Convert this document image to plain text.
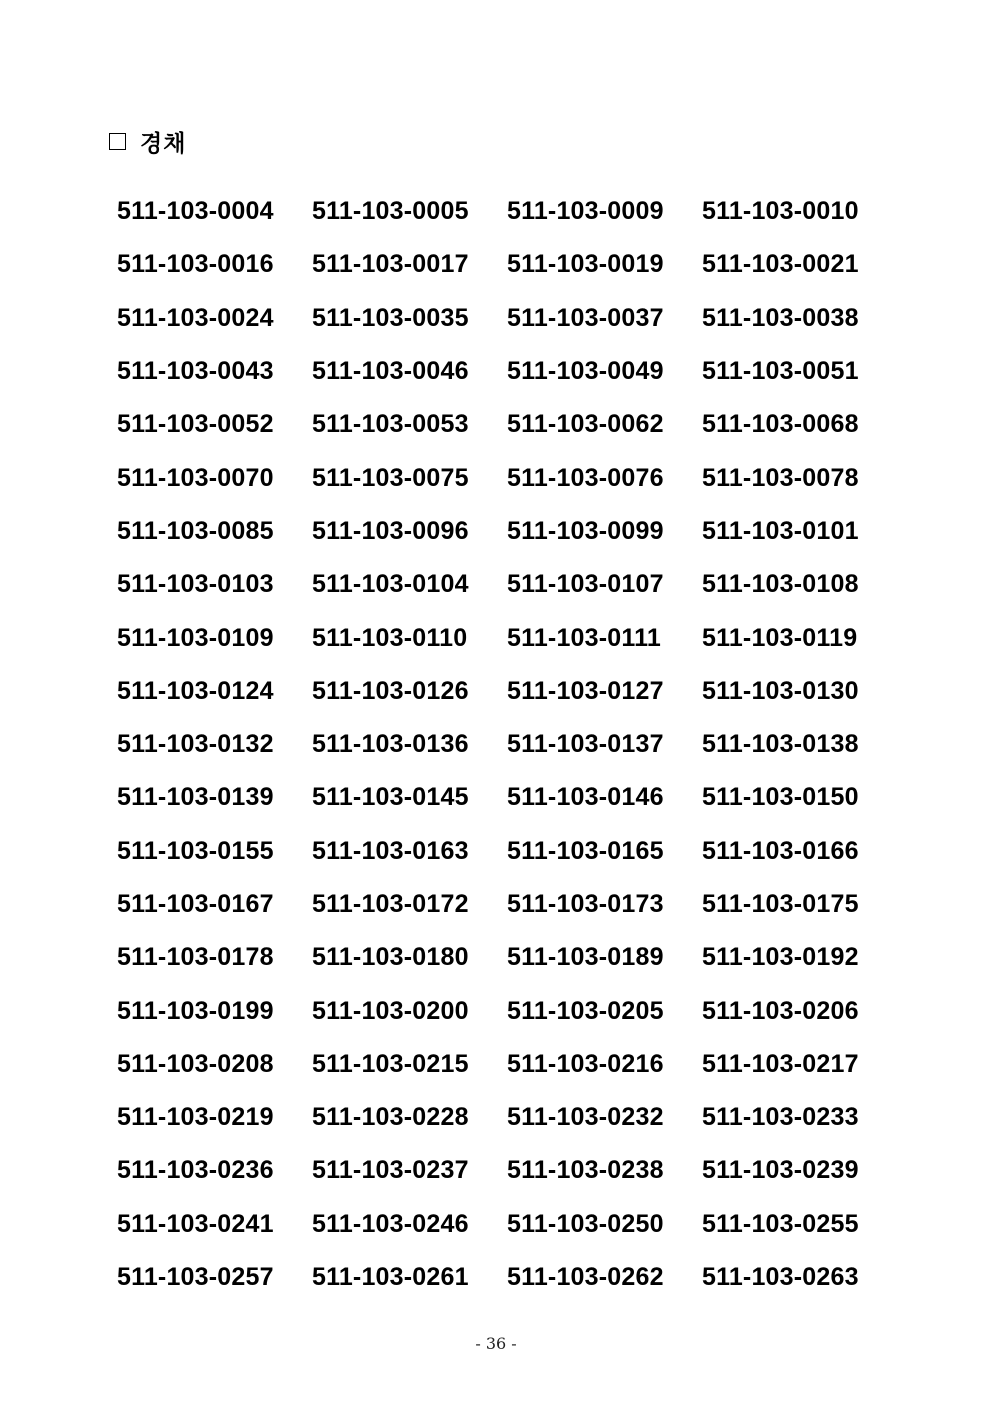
경채
511-103-0004	511-103-0005	511-103-0009	511-103-0010
511-103-0016	511-103-0017	511-103-0019	511-103-0021
511-103-0024	511-103-0035	511-103-0037	511-103-0038
511-103-0043	511-103-0046	511-103-0049	511-103-0051
511-103-0052	511-103-0053	511-103-0062	511-103-0068
511-103-0070	511-103-0075	511-103-0076	511-103-0078
511-103-0085	511-103-0096	511-103-0099	511-103-0101
511-103-0103	511-103-0104	511-103-0107	511-103-0108
511-103-0109	511-103-0110	511-103-0111	511-103-0119
511-103-0124	511-103-0126	511-103-0127	511-103-0130
511-103-0132	511-103-0136	511-103-0137	511-103-0138
511-103-0139	511-103-0145	511-103-0146	511-103-0150
511-103-0155	511-103-0163	511-103-0165	511-103-0166
511-103-0167	511-103-0172	511-103-0173	511-103-0175
511-103-0178	511-103-0180	511-103-0189	511-103-0192
511-103-0199	511-103-0200	511-103-0205	511-103-0206
511-103-0208	511-103-0215	511-103-0216	511-103-0217
511-103-0219	511-103-0228	511-103-0232	511-103-0233
511-103-0236	511-103-0237	511-103-0238	511-103-0239
511-103-0241	511-103-0246	511-103-0250	511-103-0255
511-103-0257	511-103-0261	511-103-0262	511-103-0263
- 36 -
